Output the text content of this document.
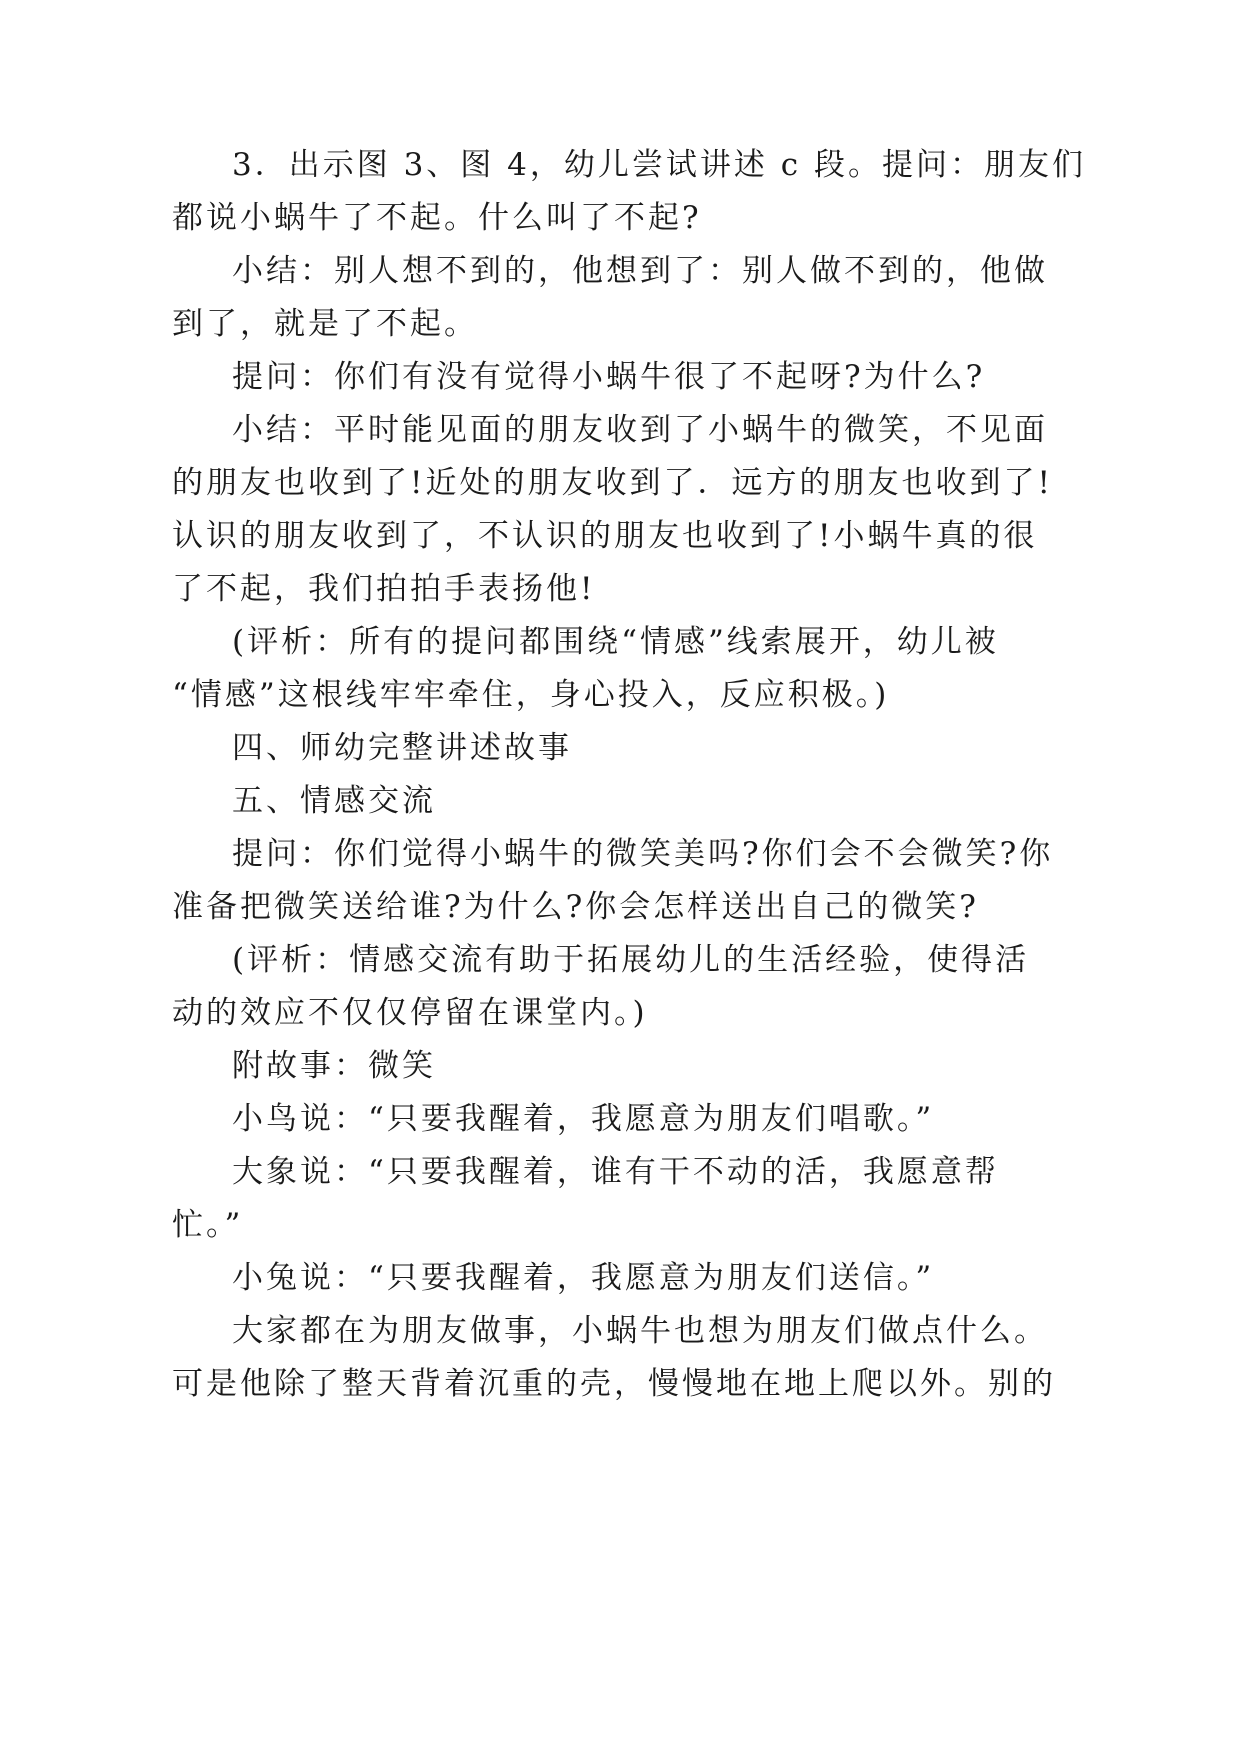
3．出示图 3、图 4，幼儿尝试讲述 c 段。提问：朋友们
都说小蜗牛了不起。什么叫了不起?
小结：别人想不到的，他想到了：别人做不到的，他做
到了，就是了不起。
提问：你们有没有觉得小蜗牛很了不起呀?为什么?
小结：平时能见面的朋友收到了小蜗牛的微笑，不见面
的朋友也收到了!近处的朋友收到了．远方的朋友也收到了!
认识的朋友收到了，不认识的朋友也收到了!小蜗牛真的很
了不起，我们拍拍手表扬他!
(评析：所有的提问都围绕“情感”线索展开，幼儿被
“情感”这根线牢牢牵住，身心投入，反应积极。)
四、师幼完整讲述故事
五、情感交流
提问：你们觉得小蜗牛的微笑美吗?你们会不会微笑?你
准备把微笑送给谁?为什么?你会怎样送出自己的微笑?
(评析：情感交流有助于拓展幼儿的生活经验，使得活
动的效应不仅仅停留在课堂内。)
附故事：微笑
小鸟说：“只要我醒着，我愿意为朋友们唱歌。”
大象说：“只要我醒着，谁有干不动的活，我愿意帮
忙。”
小兔说：“只要我醒着，我愿意为朋友们送信。”
大家都在为朋友做事，小蜗牛也想为朋友们做点什么。
可是他除了整天背着沉重的壳，慢慢地在地上爬以外。别的
